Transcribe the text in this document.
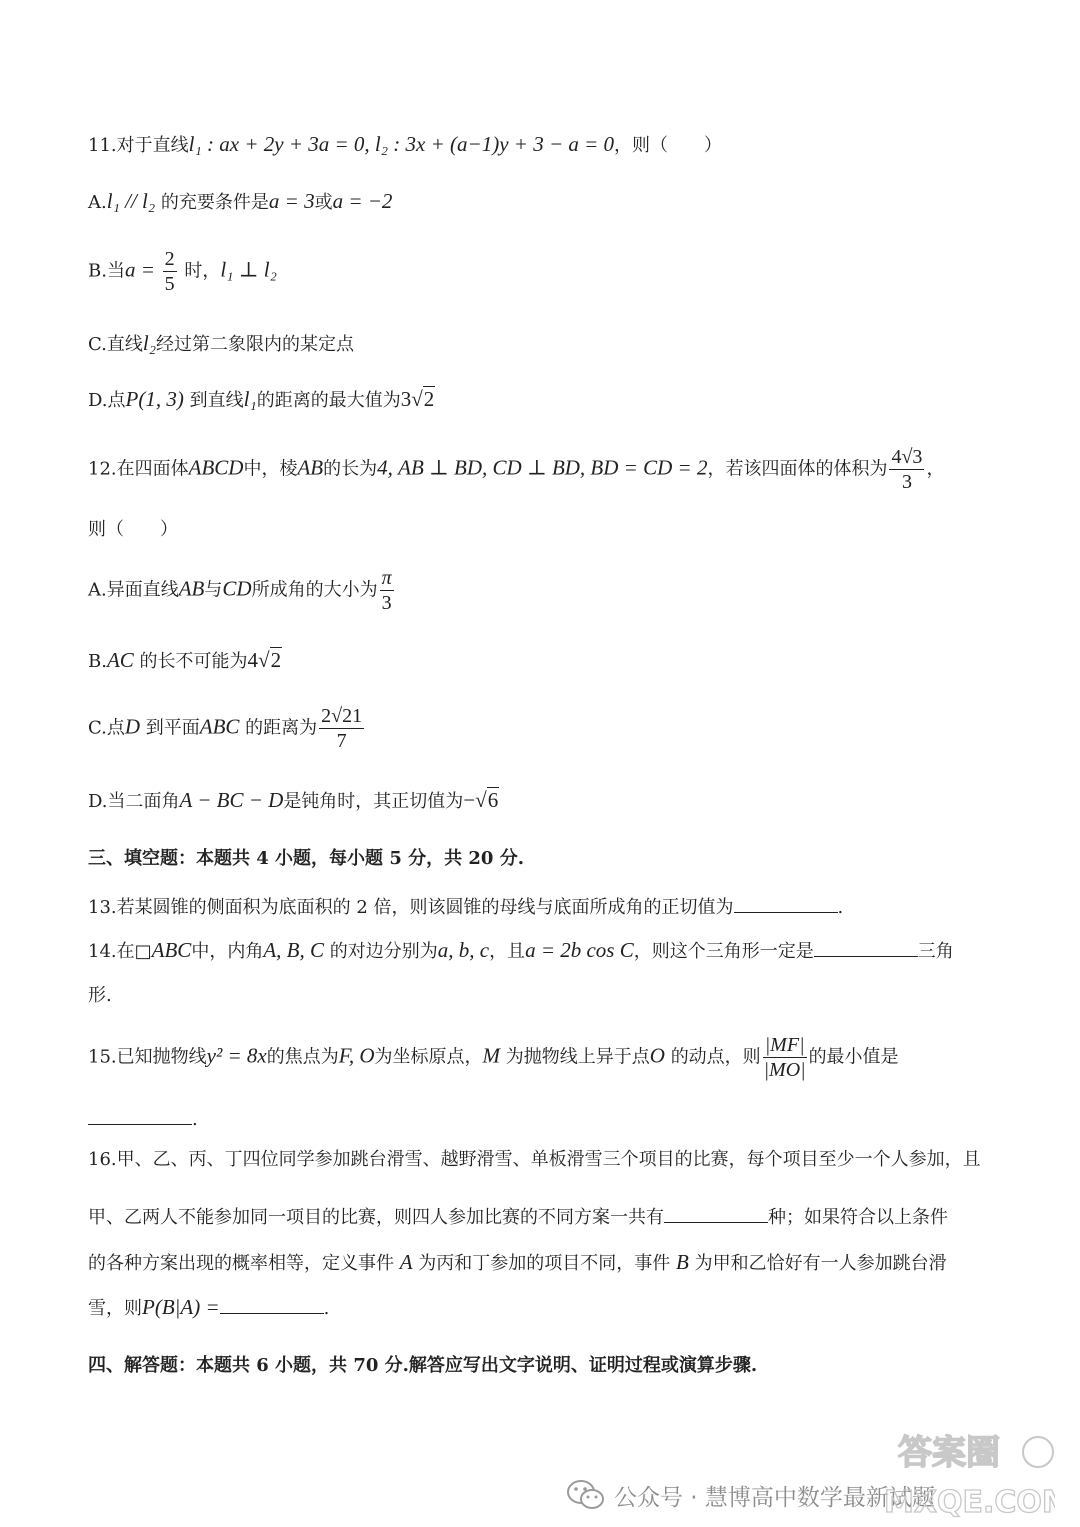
11.对于直线l₁ : ax + 2y + 3a = 0, l₂ : 3x + (a−1)y + 3 − a = 0，则（　　）
A.l₁ // l₂ 的充要条件是a = 3或a = −2
B.当$a = \frac{2}{5}$ 时，l₁ ⊥ l₂
C.直线l₂经过第二象限内的某定点
D.点P(1, 3) 到直线l₁的距离的最大值为3√2
12.在四面体ABCD中，棱AB的长为4, AB ⊥ BD, CD ⊥ BD, BD = CD = 2，若该四面体的体积为 $\frac{4√3}{3}$ ，
则（　　）
A.异面直线AB与CD所成角的大小为 $\frac{\pi}{3}$
B.AC 的长不可能为4√2
C.点D 到平面ABC 的距离为 $\frac{2√21}{7}$
D.当二面角A − BC − D是钝角时，其正切值为−√6
三、填空题：本题共 4 小题，每小题 5 分，共 20 分.
13.若某圆锥的侧面积为底面积的 2 倍，则该圆锥的母线与底面所成角的正切值为	.
14.在□ABC中，内角A, B, C 的对边分别为a, b, c，且a = 2b cos C，则这个三角形一定是	三角
形.
15.已知抛物线y² = 8x的焦点为F, O为坐标原点，M 为抛物线上异于点O 的动点，则 $\frac{|MF|}{|MO|}$ 的最小值是
.
16.甲、乙、丙、丁四位同学参加跳台滑雪、越野滑雪、单板滑雪三个项目的比赛，每个项目至少一个人参加，且
甲、乙两人不能参加同一项目的比赛，则四人参加比赛的不同方案一共有	种；如果符合以上条件
的各种方案出现的概率相等，定义事件 A 为丙和丁参加的项目不同，事件 B 为甲和乙恰好有一人参加跳台滑
雪，则P(B|A) =	.
四、解答题：本题共 6 小题，共 70 分.解答应写出文字说明、证明过程或演算步骤.
公众号 · 慧博高中数学最新试题
答案圈
MXQE.COM
